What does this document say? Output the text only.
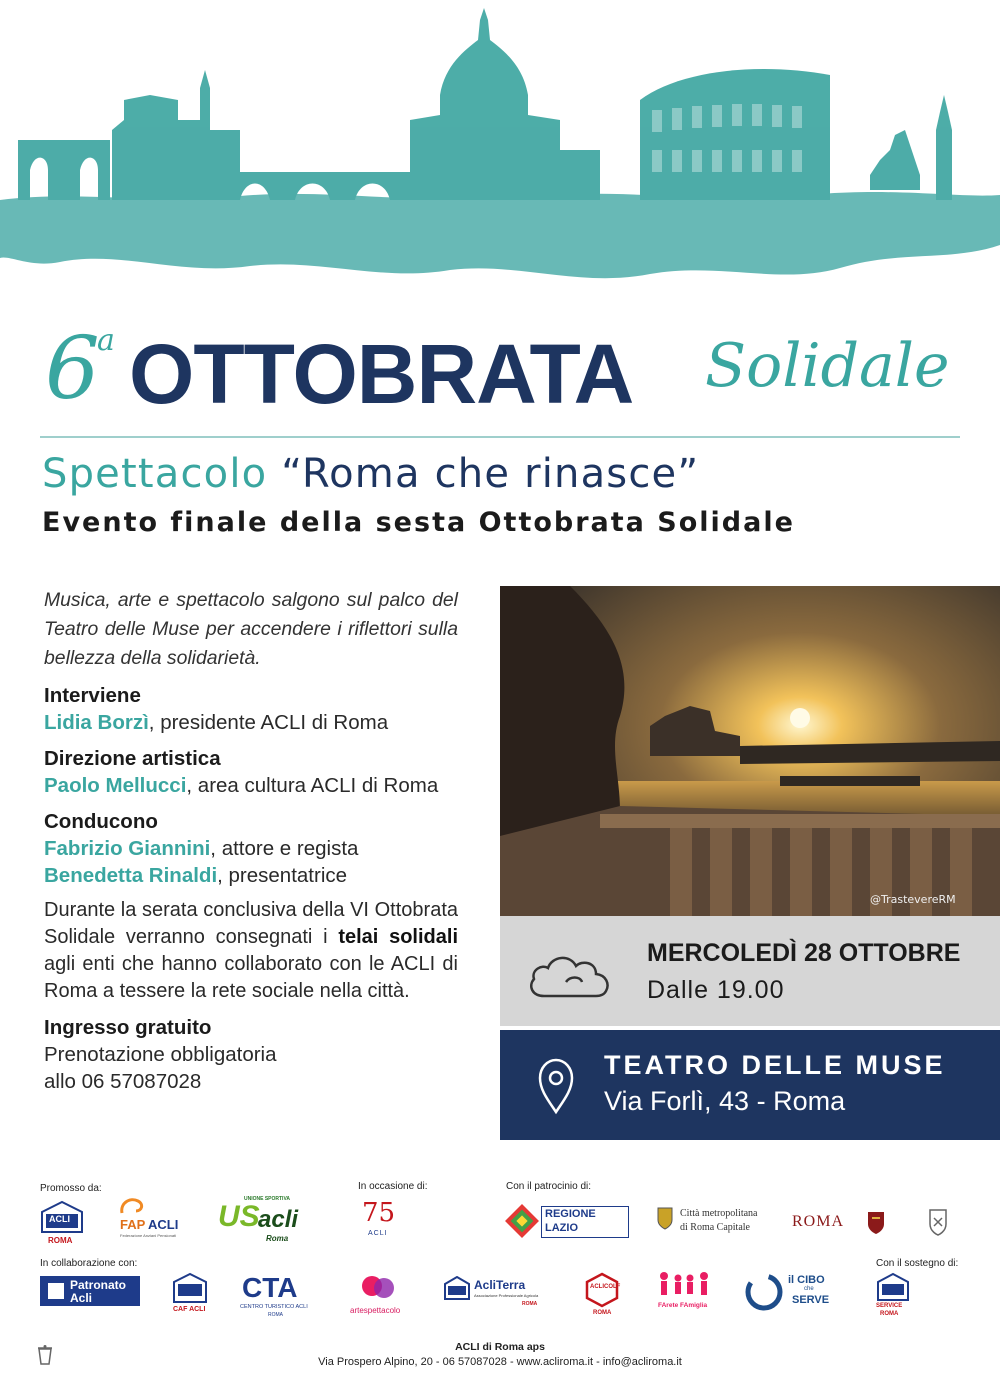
6
a OTTOBRATA Solidale
Spettacolo “Roma che rinasce”
Evento finale della sesta Ottobrata Solidale

Musica, arte e spettacolo salgono sul palco del Teatro delle Muse per accendere i riflettori sulla bellezza della solidarietà.

Interviene
Lidia Borzì, presidente ACLI di Roma
Direzione artistica
Paolo Mellucci, area cultura ACLI di Roma
Conducono
Fabrizio Giannini, attore e regista
Benedetta Rinaldi, presentatrice
Durante la serata conclusiva della VI Ottobrata Solidale verranno consegnati i telai solidali agli enti che hanno collaborato con le ACLI di Roma a tessere la rete sociale nella città.
Ingresso gratuito
Prenotazione obbligatoria
allo 06 57087028
@TrastevereRM
MERCOLEDÌ 28 OTTOBRE
Dalle 19.00
TEATRO DELLE MUSE
Via Forlì, 43 - Roma
Promosso da:	In occasione di:	Con il patrocinio di:
ACLI
ROMA
FAP ACLI
Federazione Anziani Pensionati
UNIONE SPORTIVA
US
acli
Roma
75
ACLI
REGIONE
LAZIO
Città metropolitana
di Roma Capitale	ROMA
In collaborazione con:	Con il sostegno di:
Patronato
Acli
CAF ACLI
CTA
CENTRO TURISTICO ACLI
ROMA	artespettacolo
AcliTerra
Associazione Professionale Agricola
ROMA
ACLICOLF
ROMA
FArete FAmiglia
il CIBO
che
SERVE	SERVICE
ROMA
ACLI di Roma aps
Via Prospero Alpino, 20 - 06 57087028 - www.acliroma.it - info@acliroma.it
